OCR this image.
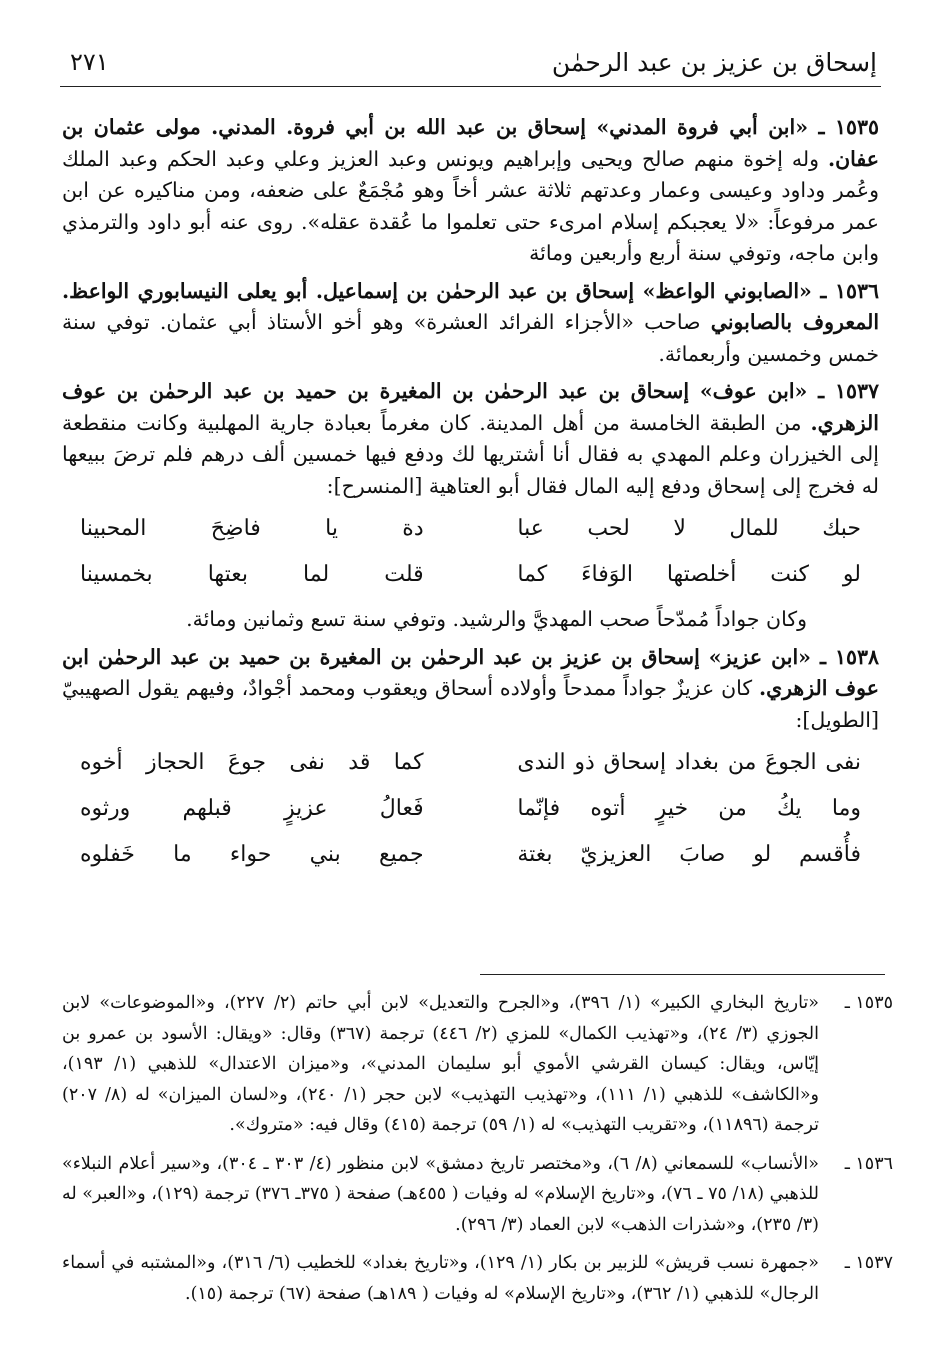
٢٧١	إسحاق بن عزيز بن عبد الرحمٰن

١٥٣٥ ـ «ابن أبي فروة المدني» إسحاق بن عبد الله بن أبي فروة. المدني. مولى عثمان بن عفان. وله إخوة منهم صالح ويحيى وإبراهيم ويونس وعبد العزيز وعلي وعبد الحكم وعبد الملك وعُمر وداود وعيسى وعمار وعدتهم ثلاثة عشر أخاً وهو مُجْمَعٌ على ضعفه، ومن مناكيره عن ابن عمر مرفوعاً: «لا يعجبكم إسلام امرىء حتى تعلموا ما عُقدة عقله». روى عنه أبو داود والترمذي وابن ماجه، وتوفي سنة أربع وأربعين ومائة

١٥٣٦ ـ «الصابوني الواعظ» إسحاق بن عبد الرحمٰن بن إسماعيل. أبو يعلى النيسابوري الواعظ. المعروف بالصابوني صاحب «الأجزاء الفرائد العشرة» وهو أخو الأستاذ أبي عثمان. توفي سنة خمس وخمسين وأربعمائة.

١٥٣٧ ـ «ابن عوف» إسحاق بن عبد الرحمٰن بن المغيرة بن حميد بن عبد الرحمٰن بن عوف الزهري. من الطبقة الخامسة من أهل المدينة. كان مغرماً بعبادة جارية المهلبية وكانت منقطعة إلى الخيزران وعلم المهدي به فقال أنا أشتريها لك ودفع فيها خمسين ألف درهم فلم ترضَ ببيعها له فخرج إلى إسحاق ودفع إليه المال فقال أبو العتاهية [المنسرح]:

حبك للمال لا لحب عبا
دة يا فاضِحَ المحبينا
لو كنت أخلصتها الوَفاءَ كما
قلت لما بعتها بخمسينا

وكان جواداً مُمدّحاً صحب المهديَّ والرشيد. وتوفي سنة تسع وثمانين ومائة.

١٥٣٨ ـ «ابن عزيز» إسحاق بن عزيز بن عبد الرحمٰن بن المغيرة بن حميد بن عبد الرحمٰن ابن عوف الزهري. كان عزيزٌ جواداً ممدحاً وأولاده أسحاق ويعقوب ومحمد أجْوادٌ، وفيهم يقول الصهيبيّ [الطويل]:

نفى الجوعَ من بغداد إسحاق ذو الندى
كما قد نفى جوعَ الحجاز أخوه
وما يكُ من خيرٍ أتوه فإنّما
فَعالُ عزيزٍ قبلهم ورثوه
فأُقسم لو صابَ العزيزيّ بغتة
جميع بني حواء ما خَفلوه
١٥٣٥ ـ
«تاريخ البخاري الكبير» (١/ ٣٩٦)، و«الجرح والتعديل» لابن أبي حاتم (٢/ ٢٢٧)، و«الموضوعات» لابن الجوزي (٣/ ٢٤)، و«تهذيب الكمال» للمزي (٢/ ٤٤٦) ترجمة (٣٦٧) وقال: «ويقال: الأسود بن عمرو بن إيّاس، ويقال: كيسان القرشي الأموي أبو سليمان المدني»، و«ميزان الاعتدال» للذهبي (١/ ١٩٣)، و«الكاشف» للذهبي (١/ ١١١)، و«تهذيب التهذيب» لابن حجر (١/ ٢٤٠)، و«لسان الميزان» له (٨/ ٢٠٧) ترجمة (١١٨٩٦)، و«تقريب التهذيب» له (١/ ٥٩) ترجمة (٤١٥) وقال فيه: «متروك».
١٥٣٦ ـ
«الأنساب» للسمعاني (٨/ ٦)، و«مختصر تاريخ دمشق» لابن منظور (٤/ ٣٠٣ ـ ٣٠٤)، و«سير أعلام النبلاء» للذهبي (١٨/ ٧٥ ـ ٧٦)، و«تاريخ الإسلام» له وفيات ( ٤٥٥هـ) صفحة ( ٣٧٥ـ ٣٧٦) ترجمة (١٢٩)، و«العبر» له (٣/ ٢٣٥)، و«شذرات الذهب» لابن العماد (٣/ ٢٩٦).
١٥٣٧ ـ
«جمهرة نسب قريش» للزبير بن بكار (١/ ١٢٩)، و«تاريخ بغداد» للخطيب (٦/ ٣١٦)، و«المشتبه في أسماء الرجال» للذهبي (١/ ٣٦٢)، و«تاريخ الإسلام» له وفيات ( ١٨٩هـ) صفحة (٦٧) ترجمة (١٥).
